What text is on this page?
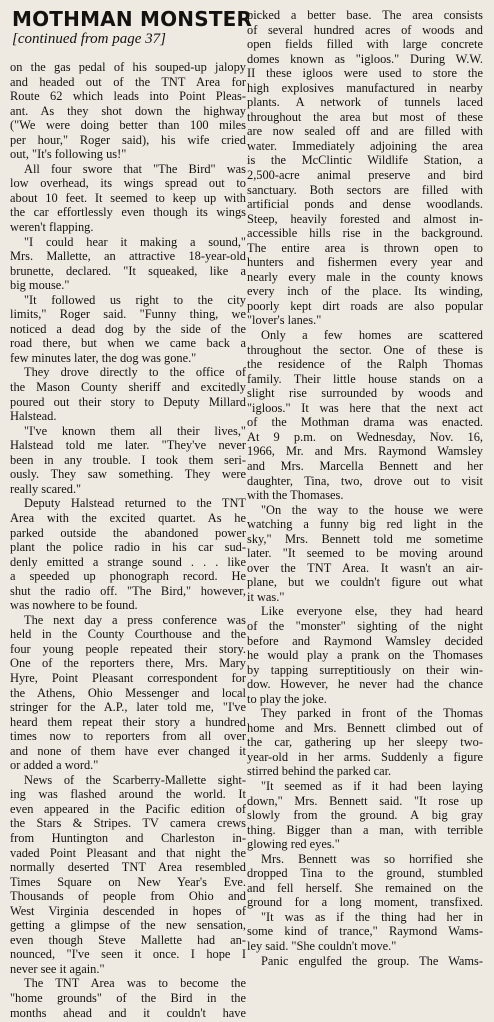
MOTHMAN MONSTER
[continued from page 37]
on the gas pedal of his souped-up jalopy
and headed out of the TNT Area for
Route 62 which leads into Point Pleas-
ant. As they shot down the highway
("We were doing better than 100 miles
per hour," Roger said), his wife cried
out, "It's following us!"
All four swore that "The Bird" was
low overhead, its wings spread out to
about 10 feet. It seemed to keep up with
the car effortlessly even though its wings
weren't flapping.
"I could hear it making a sound,"
Mrs. Mallette, an attractive 18-year-old
brunette, declared. "It squeaked, like a
big mouse."
"It followed us right to the city
limits," Roger said. "Funny thing, we
noticed a dead dog by the side of the
road there, but when we came back a
few minutes later, the dog was gone."
They drove directly to the office of
the Mason County sheriff and excitedly
poured out their story to Deputy Millard
Halstead.
"I've known them all their lives,"
Halstead told me later. "They've never
been in any trouble. I took them seri-
ously. They saw something. They were
really scared."
Deputy Halstead returned to the TNT
Area with the excited quartet. As he
parked outside the abandoned power
plant the police radio in his car sud-
denly emitted a strange sound . . . like
a speeded up phonograph record. He
shut the radio off. "The Bird," however,
was nowhere to be found.
The next day a press conference was
held in the County Courthouse and the
four young people repeated their story.
One of the reporters there, Mrs. Mary
Hyre, Point Pleasant correspondent for
the Athens, Ohio Messenger and local
stringer for the A.P., later told me, "I've
heard them repeat their story a hundred
times now to reporters from all over
and none of them have ever changed it
or added a word."
News of the Scarberry-Mallette sight-
ing was flashed around the world. It
even appeared in the Pacific edition of
the Stars & Stripes. TV camera crews
from Huntington and Charleston in-
vaded Point Pleasant and that night the
normally deserted TNT Area resembled
Times Square on New Year's Eve.
Thousands of people from Ohio and
West Virginia descended in hopes of
getting a glimpse of the new sensation,
even though Steve Mallette had an-
nounced, "I've seen it once. I hope I
never see it again."
The TNT Area was to become the
"home grounds" of the Bird in the
months ahead and it couldn't have
picked a better base. The area consists
of several hundred acres of woods and
open fields filled with large concrete
domes known as "igloos." During W.W.
II these igloos were used to store the
high explosives manufactured in nearby
plants. A network of tunnels laced
throughout the area but most of these
are now sealed off and are filled with
water. Immediately adjoining the area
is the McClintic Wildlife Station, a
2,500-acre animal preserve and bird
sanctuary. Both sectors are filled with
artificial ponds and dense woodlands.
Steep, heavily forested and almost in-
accessible hills rise in the background.
The entire area is thrown open to
hunters and fishermen every year and
nearly every male in the county knows
every inch of the place. Its winding,
poorly kept dirt roads are also popular
"lover's lanes."
Only a few homes are scattered
throughout the sector. One of these is
the residence of the Ralph Thomas
family. Their little house stands on a
slight rise surrounded by woods and
"igloos." It was here that the next act
of the Mothman drama was enacted.
At 9 p.m. on Wednesday, Nov. 16,
1966, Mr. and Mrs. Raymond Wamsley
and Mrs. Marcella Bennett and her
daughter, Tina, two, drove out to visit
with the Thomases.
"On the way to the house we were
watching a funny big red light in the
sky," Mrs. Bennett told me sometime
later. "It seemed to be moving around
over the TNT Area. It wasn't an air-
plane, but we couldn't figure out what
it was."
Like everyone else, they had heard
of the "monster" sighting of the night
before and Raymond Wamsley decided
he would play a prank on the Thomases
by tapping surreptitiously on their win-
dow. However, he never had the chance
to play the joke.
They parked in front of the Thomas
home and Mrs. Bennett climbed out of
the car, gathering up her sleepy two-
year-old in her arms. Suddenly a figure
stirred behind the parked car.
"It seemed as if it had been laying
down," Mrs. Bennett said. "It rose up
slowly from the ground. A big gray
thing. Bigger than a man, with terrible
glowing red eyes."
Mrs. Bennett was so horrified she
dropped Tina to the ground, stumbled
and fell herself. She remained on the
ground for a long moment, transfixed.
"It was as if the thing had her in
some kind of trance," Raymond Wams-
ley said. "She couldn't move."
Panic engulfed the group. The Wams-
